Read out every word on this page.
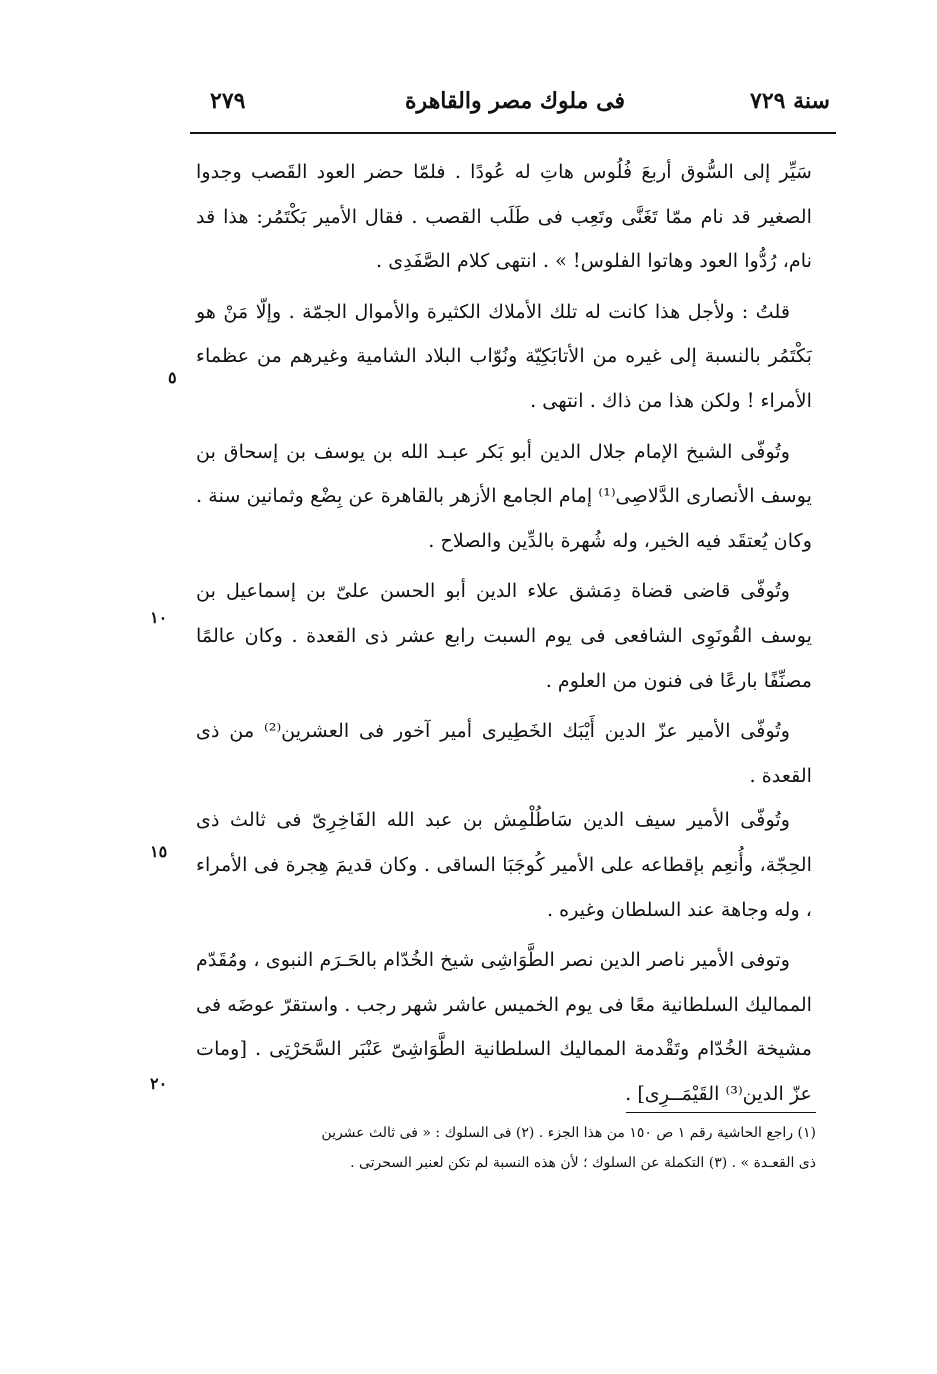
سنة ٧٢٩
فى ملوك مصر والقاهرة
٢٧٩

سَيِّر إلى السُّوق أربعَ فُلُوس هاتِ له عُودًا . فلمّا حضر العود القَصب وجدوا الصغير قد نام ممّا تَغَنَّى وتَعِب فى طَلَب القصب . فقال الأمير بَكْتَمُر: هذا قد نام، رُدُّوا العود وهاتوا الفلوس! » . انتهى كلام الصَّفَدِى .

قلتُ : ولأجل هذا كانت له تلك الأملاك الكثيرة والأموال الجمّة . وإلّا مَنْ هو بَكْتَمُر بالنسبة إلى غيره من الأتابَكِيّة ونُوّاب البلاد الشامية وغيرهم من عظماء الأمراء ! ولكن هذا من ذاك . انتهى .

وتُوفّى الشيخ الإمام جلال الدين أبو بَكر عبـد الله بن يوسف بن إسحاق بن يوسف الأنصارى الدَّلاصِى⁽¹⁾ إمام الجامع الأزهر بالقاهرة عن بِضْع وثمانين سنة . وكان يُعتقَد فيه الخير، وله شُهرة بالدِّين والصلاح .

وتُوفّى قاضى قضاة دِمَشق علاء الدين أبو الحسن علىّ بن إسماعيل بن يوسف القُونَوِى الشافعى فى يوم السبت رابع عشر ذى القعدة . وكان عالمًا مصنِّفًا بارعًا فى فنون من العلوم .

وتُوفّى الأمير عزّ الدين أَيْبَك الخَطِيرى أمير آخور فى العشرين⁽²⁾ من ذى القعدة .

وتُوفّى الأمير سيف الدين سَاطُلْمِش بن عبد الله الفَاخِرِىّ فى ثالث ذى الحِجّة، وأُنعِم بإقطاعه على الأمير كُوجَبَا الساقى . وكان قديمَ هِجرة فى الأمراء ، وله وجاهة عند السلطان وغيره .

وتوفى الأمير ناصر الدين نصر الطَّوَاشِى شيخ الخُدّام بالحَـرَم النبوى ، ومُقَدّم المماليك السلطانية معًا فى يوم الخميس عاشر شهر رجب . واستقرّ عوضَه فى مشيخة الخُدّام وتَقْدمة المماليك السلطانية الطَّوَاشِىّ عَنْبَر السَّحَرْتِى . [ومات عزّ الدين⁽³⁾ القَيْمَــرِى] .

٥
١٠
١٥
٢٠
(١) راجع الحاشية رقم ١ ص ١٥٠ من هذا الجزء . (٢) فى السلوك : « فى ثالث عشرين
ذى القعـدة » . (٣) التكملة عن السلوك ؛ لأن هذه النسبة لم تكن لعنبر السحرتى .
